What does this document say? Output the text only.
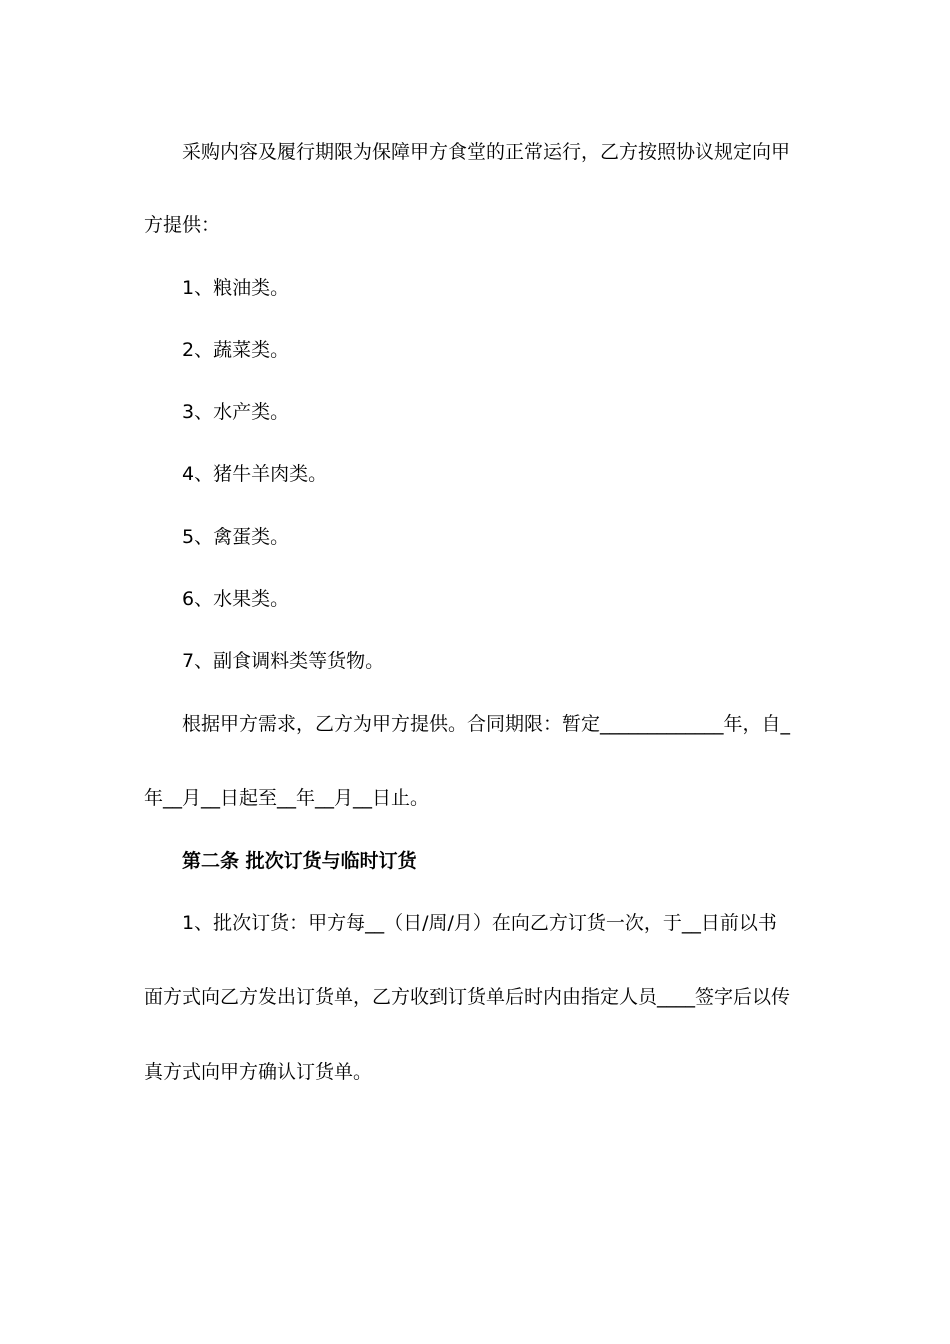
采购内容及履行期限为保障甲方食堂的正常运行，乙方按照协议规定向甲
方提供：
1、粮油类。
2、蔬菜类。
3、水产类。
4、猪牛羊肉类。
5、禽蛋类。
6、水果类。
7、副食调料类等货物。
根据甲方需求，乙方为甲方提供。合同期限：暂定_____________年，自_
年__月__日起至__年__月__日止。
第二条 批次订货与临时订货
1、批次订货：甲方每__（日/周/月）在向乙方订货一次，于__日前以书
面方式向乙方发出订货单，乙方收到订货单后时内由指定人员____签字后以传
真方式向甲方确认订货单。
